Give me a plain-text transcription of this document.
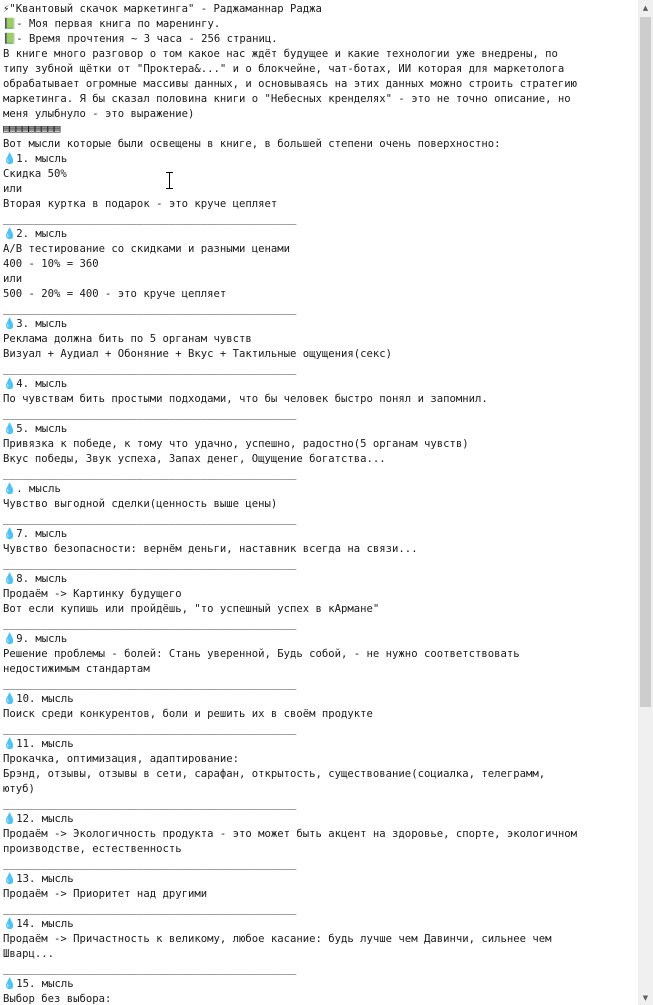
⚡"Квантовый скачок маркетинга" - Раджаманнар Раджа
📗- Моя первая книга по маренингу.
📗- Время прочтения ~ 3 часа - 256 страниц.
В книге много разговор о том какое нас ждёт будущее и какие технологии уже внедрены, по
типу зубной щётки от "Проктера&..." и о блокчейне, чат-ботах, ИИ которая для маркетолога
обрабатывает огромные массивы данных, и основываясь на этих данных можно строить стратегию
маркетинга. Я бы сказал половина книги о "Небесных кренделях" - это не точно описание, но
меня улыбнуло - это выражение)
▤▤▤▤▤▤▤▤▤
Вот мысли которые были освещены в книге, в большей степени очень поверхностно:
💧1. мысль
Скидка 50%
или
Вторая куртка в подарок - это круче цепляет
______________________________________________
💧2. мысль
А/В тестирование со скидками и разными ценами
400 - 10% = 360
или
500 - 20% = 400 - это круче цепляет
______________________________________________
💧3. мысль
Реклама должна бить по 5 органам чувств
Визуал + Аудиал + Обоняние + Вкус + Тактильные ощущения(секс)
______________________________________________
💧4. мысль
По чувствам бить простыми подходами, что бы человек быстро понял и запомнил.
______________________________________________
💧5. мысль
Привязка к победе, к тому что удачно, успешно, радостно(5 органам чувств)
Вкус победы, Звук успеха, Запах денег, Ощущение богатства...
______________________________________________
💧. мысль
Чувство выгодной сделки(ценность выше цены)
______________________________________________
💧7. мысль
Чувство безопасности: вернём деньги, наставник всегда на связи...
______________________________________________
💧8. мысль
Продаём -> Картинку будущего
Вот если купишь или пройдёшь, "то успешный успех в кАрмане"
______________________________________________
💧9. мысль
Решение проблемы - болей: Стань уверенной, Будь собой, - не нужно соответствовать
недостижимым стандартам
______________________________________________
💧10. мысль
Поиск среди конкурентов, боли и решить их в своём продукте
______________________________________________
💧11. мысль
Прокачка, оптимизация, адаптирование:
Брэнд, отзывы, отзывы в сети, сарафан, открытость, существование(социалка, телеграмм,
ютуб)
______________________________________________
💧12. мысль
Продаём -> Экологичность продукта - это может быть акцент на здоровье, спорте, экологичном
производстве, естественность
______________________________________________
💧13. мысль
Продаём -> Приоритет над другими
______________________________________________
💧14. мысль
Продаём -> Причастность к великому, любое касание: будь лучше чем Давинчи, сильнее чем
Шварц...
______________________________________________
💧15. мысль
Выбор без выбора:
▲
▼
